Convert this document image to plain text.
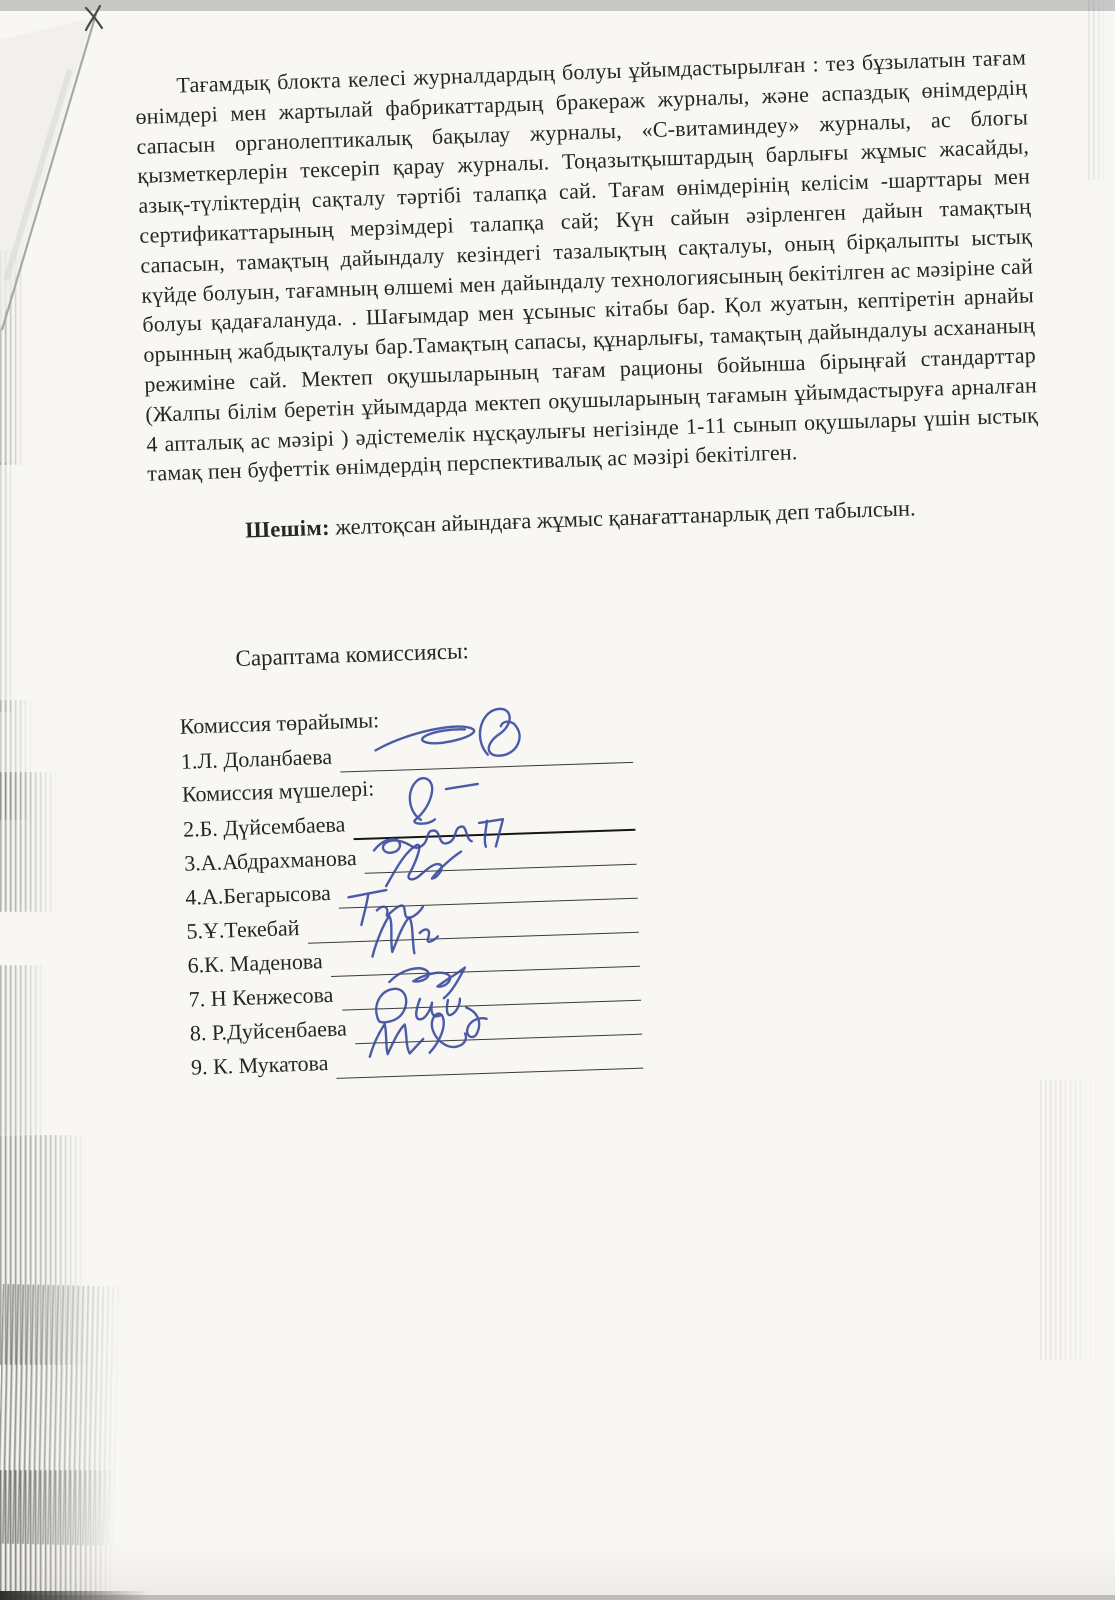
Тағамдық блокта келесі журналдардың болуы ұйымдастырылған : тез бұзылатын тағам өнімдері мен жартылай фабрикаттардың бракераж журналы, және аспаздық өнімдердің сапасын органолептикалық бақылау журналы, «С-витаминдеу» журналы, ас блогы қызметкерлерін тексеріп қарау журналы. Тоңазытқыштардың барлығы жұмыс жасайды, азық-түліктердің сақталу тәртібі талапқа сай. Тағам өнімдерінің келісім -шарттары мен сертификаттарының мерзімдері талапқа сай; Күн сайын әзірленген дайын тамақтың сапасын, тамақтың дайындалу кезіндегі тазалықтың сақталуы, оның бірқалыпты ыстық күйде болуын, тағамның өлшемі мен дайындалу технологиясының бекітілген ас мәзіріне сай болуы қадағалануда. . Шағымдар мен ұсыныс кітабы бар. Қол жуатын, кептіретін арнайы орынның жабдықталуы бар.Тамақтың сапасы, құнарлығы, тамақтың дайындалуы асхананың режиміне сай. Мектеп оқушыларының тағам рационы бойынша бірыңғай стандарттар (Жалпы білім беретін ұйымдарда мектеп оқушыларының тағамын ұйымдастыруға арналған 4 апталық ас мәзірі ) әдістемелік нұсқаулығы негізінде 1-11 сынып оқушылары үшін ыстық тамақ пен буфеттік өнімдердің перспективалық ас мәзірі бекітілген.

Шешім: желтоқсан айындаға жұмыс қанағаттанарлық деп табылсын.

Сараптама комиссиясы:
Комиссия төрайымы:
1.Л. Доланбаева
Комиссия мүшелері:
2.Б. Дүйсембаева
3.А.Абдрахманова
4.А.Бегарысова
5.Ұ.Текебай
6.К. Маденова
7. Н Кенжесова
8. Р.Дуйсенбаева
9. К. Мукатова
